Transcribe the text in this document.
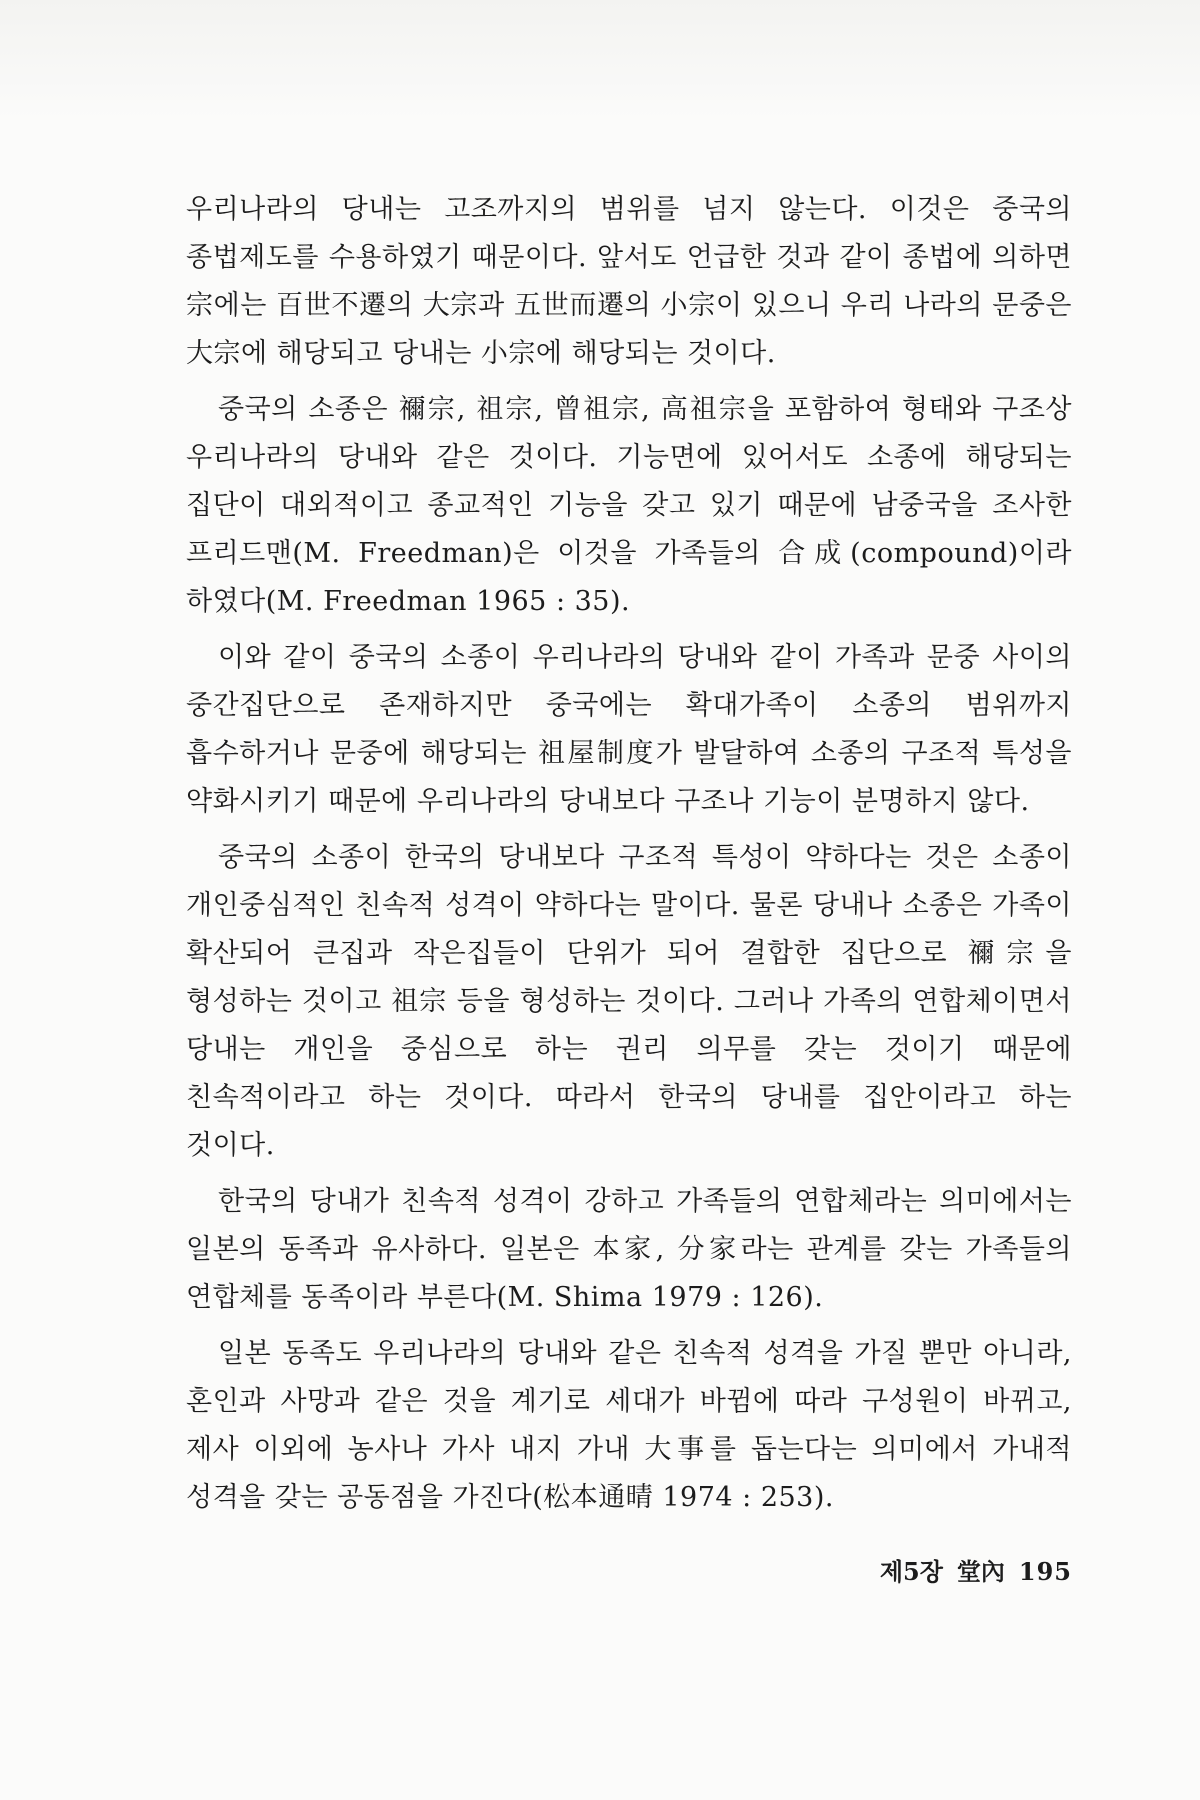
우리나라의 당내는 고조까지의 범위를 넘지 않는다. 이것은 중국의 종법제도를 수용하였기 때문이다. 앞서도 언급한 것과 같이 종법에 의하면 宗에는 百世不遷의 大宗과 五世而遷의 小宗이 있으니 우리 나라의 문중은 大宗에 해당되고 당내는 小宗에 해당되는 것이다.

중국의 소종은 禰宗, 祖宗, 曾祖宗, 高祖宗을 포함하여 형태와 구조상 우리나라의 당내와 같은 것이다. 기능면에 있어서도 소종에 해당되는 집단이 대외적이고 종교적인 기능을 갖고 있기 때문에 남중국을 조사한 프리드맨(M. Freedman)은 이것을 가족들의 合成(compound)이라 하였다(M. Freedman 1965 : 35).

이와 같이 중국의 소종이 우리나라의 당내와 같이 가족과 문중 사이의 중간집단으로 존재하지만 중국에는 확대가족이 소종의 범위까지 흡수하거나 문중에 해당되는 祖屋制度가 발달하여 소종의 구조적 특성을 약화시키기 때문에 우리나라의 당내보다 구조나 기능이 분명하지 않다.

중국의 소종이 한국의 당내보다 구조적 특성이 약하다는 것은 소종이 개인중심적인 친속적 성격이 약하다는 말이다. 물론 당내나 소종은 가족이 확산되어 큰집과 작은집들이 단위가 되어 결합한 집단으로 禰宗을 형성하는 것이고 祖宗 등을 형성하는 것이다. 그러나 가족의 연합체이면서 당내는 개인을 중심으로 하는 권리 의무를 갖는 것이기 때문에 친속적이라고 하는 것이다. 따라서 한국의 당내를 집안이라고 하는 것이다.

한국의 당내가 친속적 성격이 강하고 가족들의 연합체라는 의미에서는 일본의 동족과 유사하다. 일본은 本家, 分家라는 관계를 갖는 가족들의 연합체를 동족이라 부른다(M. Shima 1979 : 126).

일본 동족도 우리나라의 당내와 같은 친속적 성격을 가질 뿐만 아니라, 혼인과 사망과 같은 것을 계기로 세대가 바뀜에 따라 구성원이 바뀌고, 제사 이외에 농사나 가사 내지 가내 大事를 돕는다는 의미에서 가내적 성격을 갖는 공동점을 가진다(松本通晴 1974 : 253).

제5장 堂內 195
